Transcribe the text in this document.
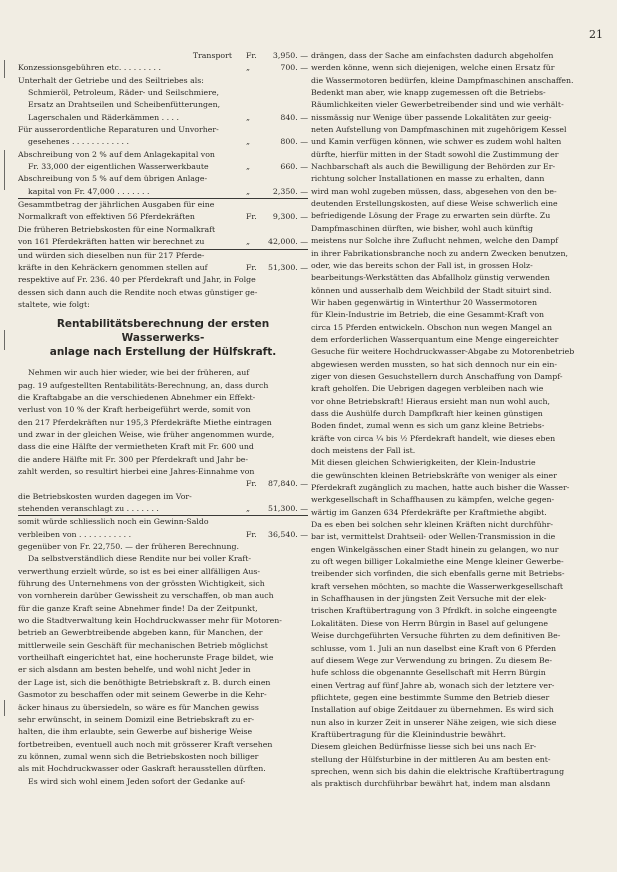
21
Transport	Fr.	3,950. —
Konzessionsgebühren etc. . . . . . . . .	„	700. —
Unterhalt der Getriebe und des Seiltriebes als:
Schmieröl, Petroleum, Räder- und Seilschmiere,
Ersatz an Drahtseilen und Scheibenfütterungen,
Lagerschalen und Räderkämmen . . . .	„	840. —
Für ausserordentliche Reparaturen und Unvorher-
gesehenes . . . . . . . . . . . .	„	800. —
Abschreibung von 2 % auf dem Anlagekapital von
Fr. 33,000 der eigentlichen Wasserwerkbaute	„	660. —
Abschreibung von 5 % auf dem übrigen Anlage-
kapital von Fr. 47,000 . . . . . . .	„	2,350. —
Gesammtbetrag der jährlichen Ausgaben für eine
Normalkraft von effektiven 56 Pferdekräften	Fr.	9,300. —
Die früheren Betriebskosten für eine Normalkraft
von 161 Pferdekräften hatten wir berechnet zu	„	42,000. —
und würden sich dieselben nun für 217 Pferde-
kräfte in den Kehräckern genommen stellen auf	Fr.	51,300. —
respektive auf Fr. 236. 40 per Pferdekraft und Jahr, in Folge
dessen sich dann auch die Rendite noch etwas günstiger ge-
staltete, wie folgt:
Rentabilitätsberechnung der ersten Wasserwerks-
anlage nach Erstellung der Hülfskraft.
Nehmen wir auch hier wieder, wie bei der früheren, auf
pag. 19 aufgestellten Rentabilitäts-Berechnung, an, dass durch
die Kraftabgabe an die verschiedenen Abnehmer ein Effekt-
verlust von 10 % der Kraft herbeigeführt werde, somit von
den 217 Pferdekräften nur 195,3 Pferdekräfte Miethe eintragen
und zwar in der gleichen Weise, wie früher angenommen wurde,
dass die eine Hälfte der vermietheten Kraft mit Fr. 600 und
die andere Hälfte mit Fr. 300 per Pferdekraft und Jahr be-
zahlt werden, so resultirt hierbei eine Jahres-Einnahme von
Fr.	87,840. —
die Betriebskosten wurden dagegen im Vor-
stehenden veranschlagt zu . . . . . . .	„	51,300. —
somit würde schliesslich noch ein Gewinn-Saldo
verbleiben von . . . . . . . . . . .	Fr.	36,540. —
gegenüber von Fr. 22,750. — der früheren Berechnung.
Da selbstverständlich diese Rendite nur bei voller Kraft-
verwerthung erzielt würde, so ist es bei einer allfälligen Aus-
führung des Unternehmens von der grössten Wichtigkeit, sich
von vornherein darüber Gewissheit zu verschaffen, ob man auch
für die ganze Kraft seine Abnehmer finde! Da der Zeitpunkt,
wo die Stadtverwaltung kein Hochdruckwasser mehr für Motoren-
betrieb an Gewerbtreibende abgeben kann, für Manchen, der
mittlerweile sein Geschäft für mechanischen Betrieb möglichst
vortheilhaft eingerichtet hat, eine hocherunste Frage bildet, wie
er sich alsdann am besten behelfe, und wohl nicht Jeder in
der Lage ist, sich die benöthigte Betriebskraft z. B. durch einen
Gasmotor zu beschaffen oder mit seinem Gewerbe in die Kehr-
äcker hinaus zu übersiedeln, so wäre es für Manchen gewiss
sehr erwünscht, in seinem Domizil eine Betriebskraft zu er-
halten, die ihm erlaubte, sein Gewerbe auf bisherige Weise
fortbetreiben, eventuell auch noch mit grösserer Kraft versehen
zu können, zumal wenn sich die Betriebskosten noch billiger
als mit Hochdruckwasser oder Gaskraft herausstellen dürften.
Es wird sich wohl einem Jeden sofort der Gedanke auf-
drängen, dass der Sache am einfachsten dadurch abgeholfen
werden könne, wenn sich diejenigen, welche einen Ersatz für
die Wassermotoren bedürfen, kleine Dampfmaschinen anschaffen.
Bedenkt man aber, wie knapp zugemessen oft die Betriebs-
Räumlichkeiten vieler Gewerbetreibender sind und wie verhält-
nissmässig nur Wenige über passende Lokalitäten zur geeig-
neten Aufstellung von Dampfmaschinen mit zugehörigem Kessel
und Kamin verfügen können, wie schwer es zudem wohl halten
dürfte, hierfür mitten in der Stadt sowohl die Zustimmung der
Nachbarschaft als auch die Bewilligung der Behörden zur Er-
richtung solcher Installationen en masse zu erhalten, dann
wird man wohl zugeben müssen, dass, abgesehen von den be-
deutenden Erstellungskosten, auf diese Weise schwerlich eine
befriedigende Lösung der Frage zu erwarten sein dürfte. Zu
Dampfmaschinen dürften, wie bisher, wohl auch künftig
meistens nur Solche ihre Zuflucht nehmen, welche den Dampf
in ihrer Fabrikationsbranche noch zu andern Zwecken benutzen,
oder, wie das bereits schon der Fall ist, in grossen Holz-
bearbeitungs-Werkstätten das Abfallholz günstig verwenden
können und ausserhalb dem Weichbild der Stadt situirt sind.
Wir haben gegenwärtig in Winterthur 20 Wassermotoren
für Klein-Industrie im Betrieb, die eine Gesammt-Kraft von
circa 15 Pferden entwickeln. Obschon nun wegen Mangel an
dem erforderlichen Wasserquantum eine Menge eingereichter
Gesuche für weitere Hochdruckwasser-Abgabe zu Motorenbetrieb
abgewiesen werden mussten, so hat sich dennoch nur ein ein-
ziger von diesen Gesuchstellern durch Anschaffung von Dampf-
kraft geholfen. Die Uebrigen dagegen verbleiben nach wie
vor ohne Betriebskraft! Hieraus ersieht man nun wohl auch,
dass die Aushülfe durch Dampfkraft hier keinen günstigen
Boden findet, zumal wenn es sich um ganz kleine Betriebs-
kräfte von circa ¼ bis ½ Pferdekraft handelt, wie dieses eben
doch meistens der Fall ist.
Mit diesen gleichen Schwierigkeiten, der Klein-Industrie
die gewünschten kleinen Betriebskräfte von weniger als einer
Pferdekraft zugänglich zu machen, hatte auch bisher die Wasser-
werkgesellschaft in Schaffhausen zu kämpfen, welche gegen-
wärtig im Ganzen 634 Pferdekräfte per Kraftmiethe abgibt.
Da es eben bei solchen sehr kleinen Kräften nicht durchführ-
bar ist, vermittelst Drahtseil- oder Wellen-Transmission in die
engen Winkelgässchen einer Stadt hinein zu gelangen, wo nur
zu oft wegen billiger Lokalmiethe eine Menge kleiner Gewerbe-
treibender sich vorfinden, die sich ebenfalls gerne mit Betriebs-
kraft versehen möchten, so machte die Wasserwerkgesellschaft
in Schaffhausen in der jüngsten Zeit Versuche mit der elek-
trischen Kraftübertragung von 3 Pfrdkft. in solche eingeengte
Lokalitäten. Diese von Herrn Bürgin in Basel auf gelungene
Weise durchgeführten Versuche führten zu dem definitiven Be-
schlusse, vom 1. Juli an nun daselbst eine Kraft von 6 Pferden
auf diesem Wege zur Verwendung zu bringen. Zu diesem Be-
hufe schloss die obgenannte Gesellschaft mit Herrn Bürgin
einen Vertrag auf fünf Jahre ab, wonach sich der letztere ver-
pflichtete, gegen eine bestimmte Summe den Betrieb dieser
Installation auf obige Zeitdauer zu übernehmen. Es wird sich
nun also in kurzer Zeit in unserer Nähe zeigen, wie sich diese
Kraftübertragung für die Kleinindustrie bewährt.
Diesem gleichen Bedürfnisse liesse sich bei uns nach Er-
stellung der Hülfsturbine in der mittleren Au am besten ent-
sprechen, wenn sich bis dahin die elektrische Kraftübertragung
als praktisch durchführbar bewährt hat, indem man alsdann
